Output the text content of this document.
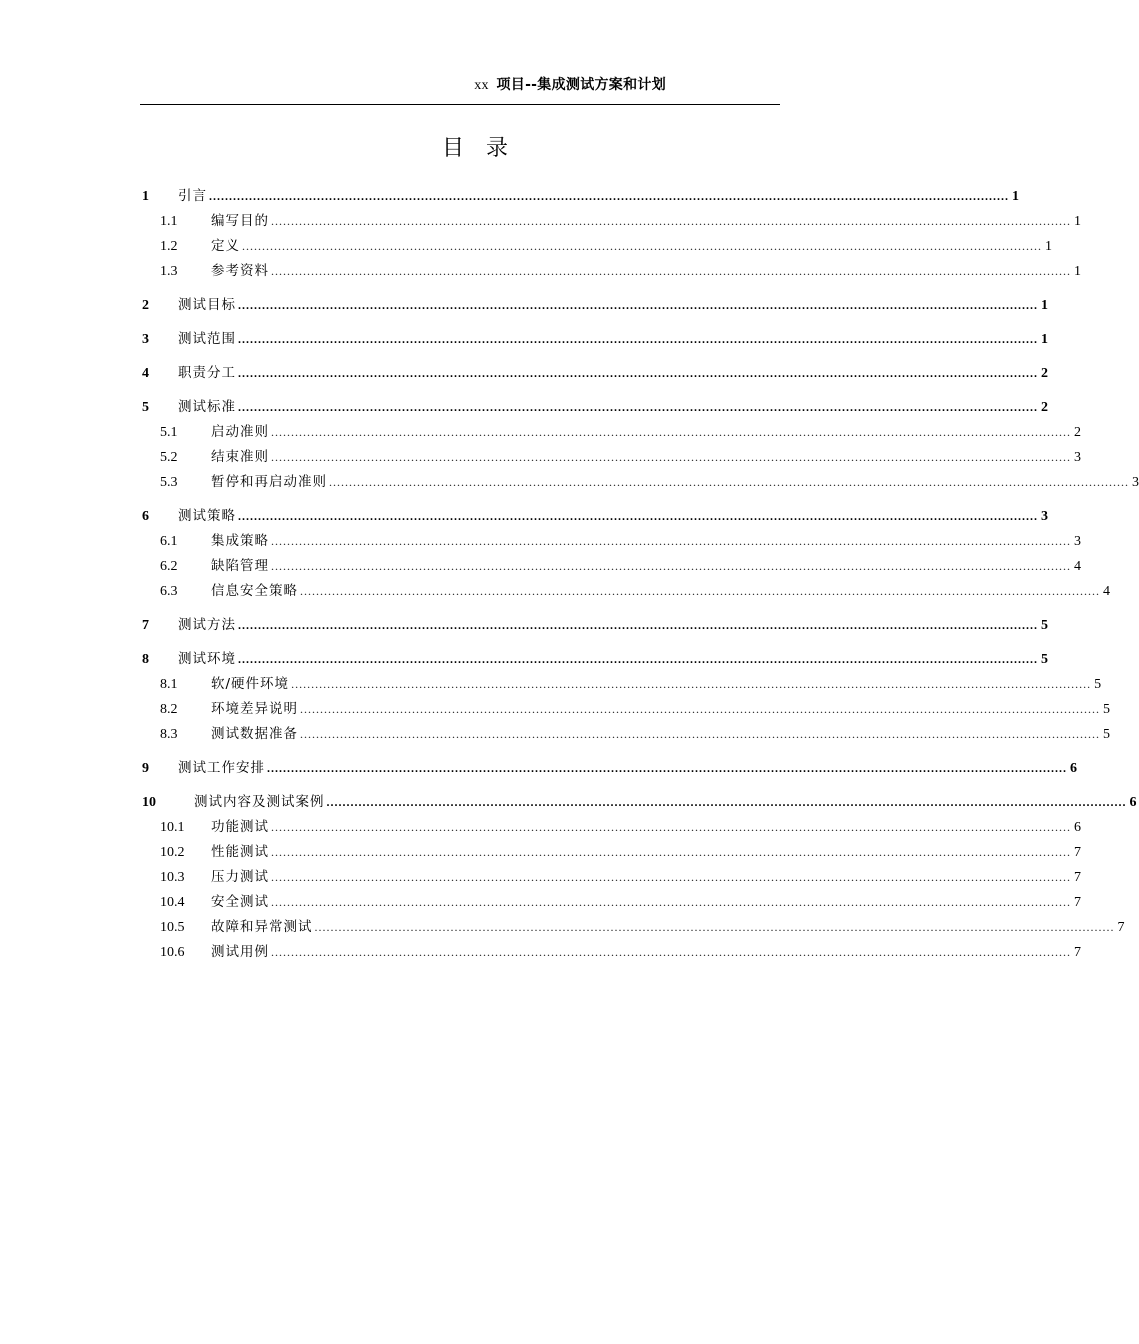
xx 项目--集成测试方案和计划
目录
1	引言 ........................................................................................................................................................................................................ 1
1.1	编写目的 ........................................................................................................................................................................................................ 1
1.2	定义 ........................................................................................................................................................................................................ 1
1.3	参考资料 ........................................................................................................................................................................................................ 1
2	测试目标 ........................................................................................................................................................................................................ 1
3	测试范围 ........................................................................................................................................................................................................ 1
4	职责分工 ........................................................................................................................................................................................................ 2
5	测试标准 ........................................................................................................................................................................................................ 2
5.1	启动准则 ........................................................................................................................................................................................................ 2
5.2	结束准则 ........................................................................................................................................................................................................ 3
5.3	暂停和再启动准则 ........................................................................................................................................................................................................ 3
6	测试策略 ........................................................................................................................................................................................................ 3
6.1	集成策略 ........................................................................................................................................................................................................ 3
6.2	缺陷管理 ........................................................................................................................................................................................................ 4
6.3	信息安全策略 ........................................................................................................................................................................................................ 4
7	测试方法 ........................................................................................................................................................................................................ 5
8	测试环境 ........................................................................................................................................................................................................ 5
8.1	软/硬件环境 ........................................................................................................................................................................................................ 5
8.2	环境差异说明 ........................................................................................................................................................................................................ 5
8.3	测试数据准备 ........................................................................................................................................................................................................ 5
9	测试工作安排 ........................................................................................................................................................................................................ 6
10	测试内容及测试案例 ........................................................................................................................................................................................................ 6
10.1	功能测试 ........................................................................................................................................................................................................ 6
10.2	性能测试 ........................................................................................................................................................................................................ 7
10.3	压力测试 ........................................................................................................................................................................................................ 7
10.4	安全测试 ........................................................................................................................................................................................................ 7
10.5	故障和异常测试 ........................................................................................................................................................................................................ 7
10.6	测试用例 ........................................................................................................................................................................................................ 7
